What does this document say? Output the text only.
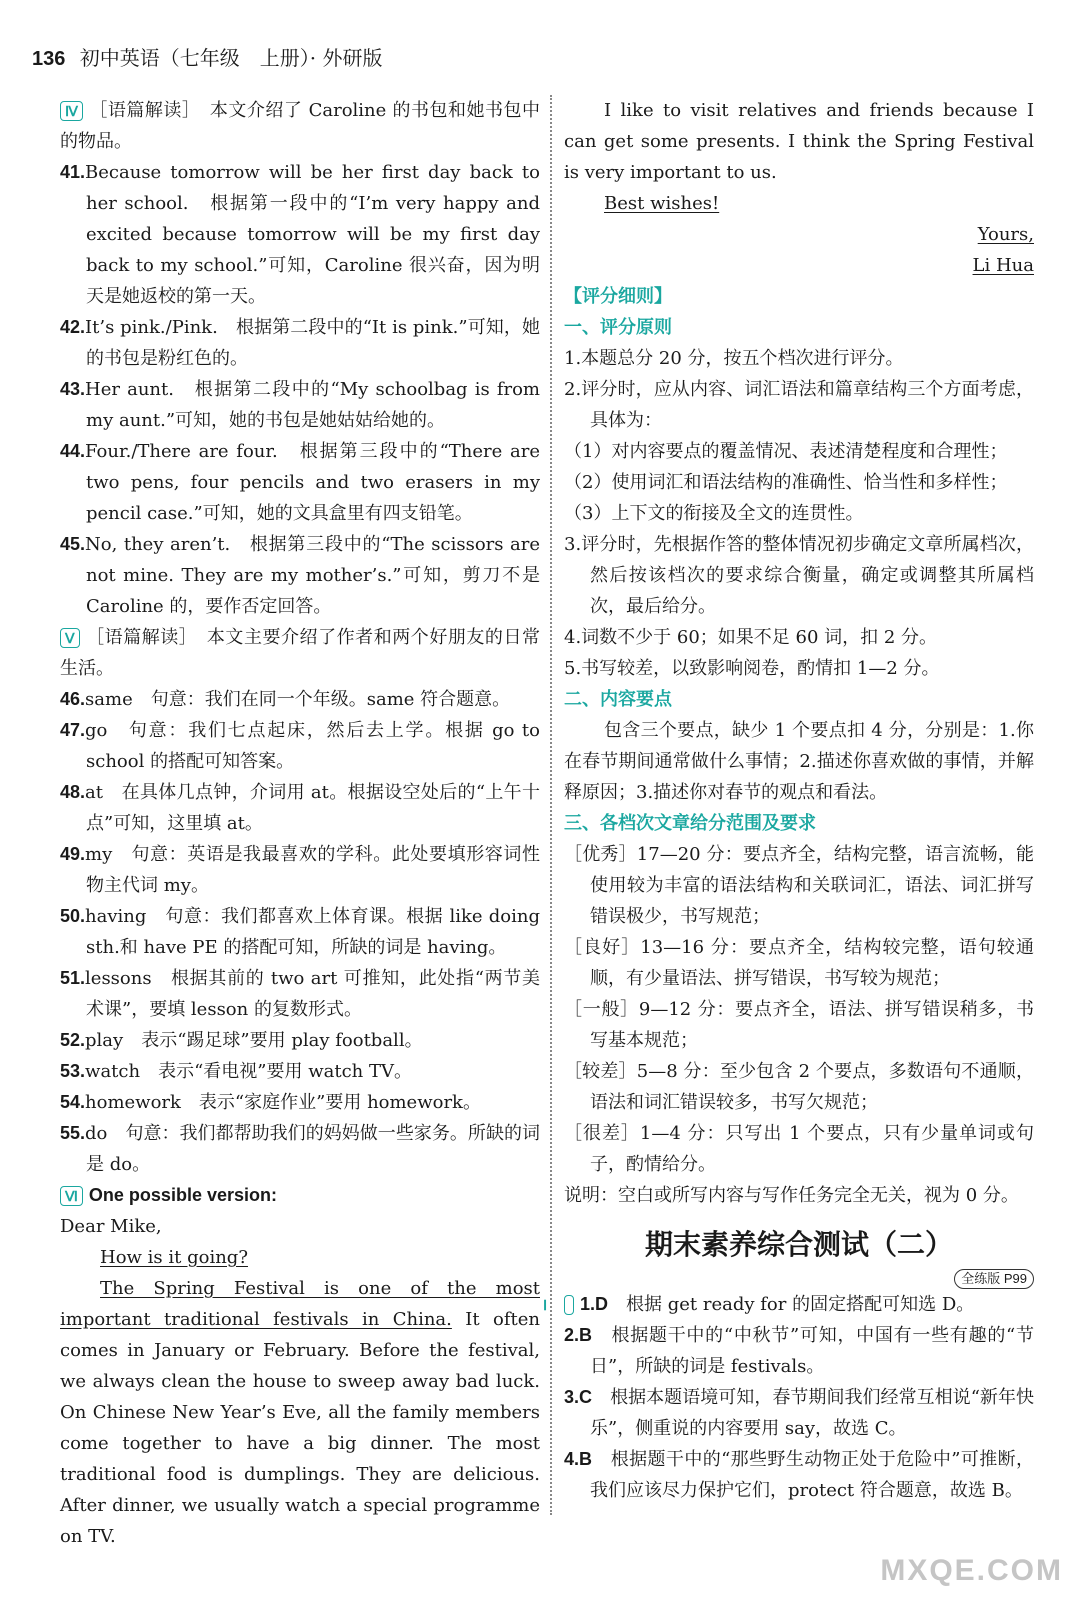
136 初中英语（七年级　上册）· 外研版

Ⅳ ［语篇解读］　本文介绍了 Caroline 的书包和她书包中的物品。

41.Because tomorrow will be her first day back to her school.　根据第一段中的“I’m very happy and excited because tomorrow will be my first day back to my school.”可知，Caroline 很兴奋，因为明天是她返校的第一天。

42.It’s pink./Pink.　根据第二段中的“It is pink.”可知，她的书包是粉红色的。

43.Her aunt.　根据第二段中的“My schoolbag is from my aunt.”可知，她的书包是她姑姑给她的。

44.Four./There are four.　根据第三段中的“There are two pens, four pencils and two erasers in my pencil case.”可知，她的文具盒里有四支铅笔。

45.No, they aren’t.　根据第三段中的“The scissors are not mine. They are my mother’s.”可知，剪刀不是 Caroline 的，要作否定回答。

Ⅴ ［语篇解读］　本文主要介绍了作者和两个好朋友的日常生活。

46.same　句意：我们在同一个年级。same 符合题意。

47.go　句意：我们七点起床，然后去上学。根据 go to school 的搭配可知答案。

48.at　在具体几点钟，介词用 at。根据设空处后的“上午十点”可知，这里填 at。

49.my　句意：英语是我最喜欢的学科。此处要填形容词性物主代词 my。

50.having　句意：我们都喜欢上体育课。根据 like doing sth.和 have PE 的搭配可知，所缺的词是 having。

51.lessons　根据其前的 two art 可推知，此处指“两节美术课”，要填 lesson 的复数形式。

52.play　表示“踢足球”要用 play football。

53.watch　表示“看电视”要用 watch TV。

54.homework　表示“家庭作业”要用 homework。

55.do　句意：我们都帮助我们的妈妈做一些家务。所缺的词是 do。

Ⅵ One possible version:

Dear Mike,

How is it going?

The Spring Festival is one of the most important traditional festivals in China. It often comes in January or February. Before the festival, we always clean the house to sweep away bad luck. On Chinese New Year’s Eve, all the family members come together to have a big dinner. The most traditional food is dumplings. They are delicious. After dinner, we usually watch a special programme on TV.

I like to visit relatives and friends because I can get some presents. I think the Spring Festival is very important to us.

Best wishes!

Yours,

Li Hua

【评分细则】

一、评分原则

1.本题总分 20 分，按五个档次进行评分。

2.评分时，应从内容、词汇语法和篇章结构三个方面考虑，具体为：

（1）对内容要点的覆盖情况、表述清楚程度和合理性；

（2）使用词汇和语法结构的准确性、恰当性和多样性；

（3）上下文的衔接及全文的连贯性。

3.评分时，先根据作答的整体情况初步确定文章所属档次，然后按该档次的要求综合衡量，确定或调整其所属档次，最后给分。

4.词数不少于 60；如果不足 60 词，扣 2 分。

5.书写较差，以致影响阅卷，酌情扣 1—2 分。

二、内容要点

包含三个要点，缺少 1 个要点扣 4 分，分别是：1.你在春节期间通常做什么事情；2.描述你喜欢做的事情，并解释原因；3.描述你对春节的观点和看法。

三、各档次文章给分范围及要求

［优秀］17—20 分：要点齐全，结构完整，语言流畅，能使用较为丰富的语法结构和关联词汇，语法、词汇拼写错误极少，书写规范；

［良好］13—16 分：要点齐全，结构较完整，语句较通顺，有少量语法、拼写错误，书写较为规范；

［一般］9—12 分：要点齐全，语法、拼写错误稍多，书写基本规范；

［较差］5—8 分：至少包含 2 个要点，多数语句不通顺，语法和词汇错误较多，书写欠规范；

［很差］1—4 分：只写出 1 个要点，只有少量单词或句子，酌情给分。

说明：空白或所写内容与写作任务完全无关，视为 0 分。

期末素养综合测试（二）
全练版 P99

Ⅰ 1.D　根据 get ready for 的固定搭配可知选 D。

2.B　根据题干中的“中秋节”可知，中国有一些有趣的“节日”，所缺的词是 festivals。

3.C　根据本题语境可知，春节期间我们经常互相说“新年快乐”，侧重说的内容要用 say，故选 C。

4.B　根据题干中的“那些野生动物正处于危险中”可推断，我们应该尽力保护它们，protect 符合题意，故选 B。

MXQE.COM
